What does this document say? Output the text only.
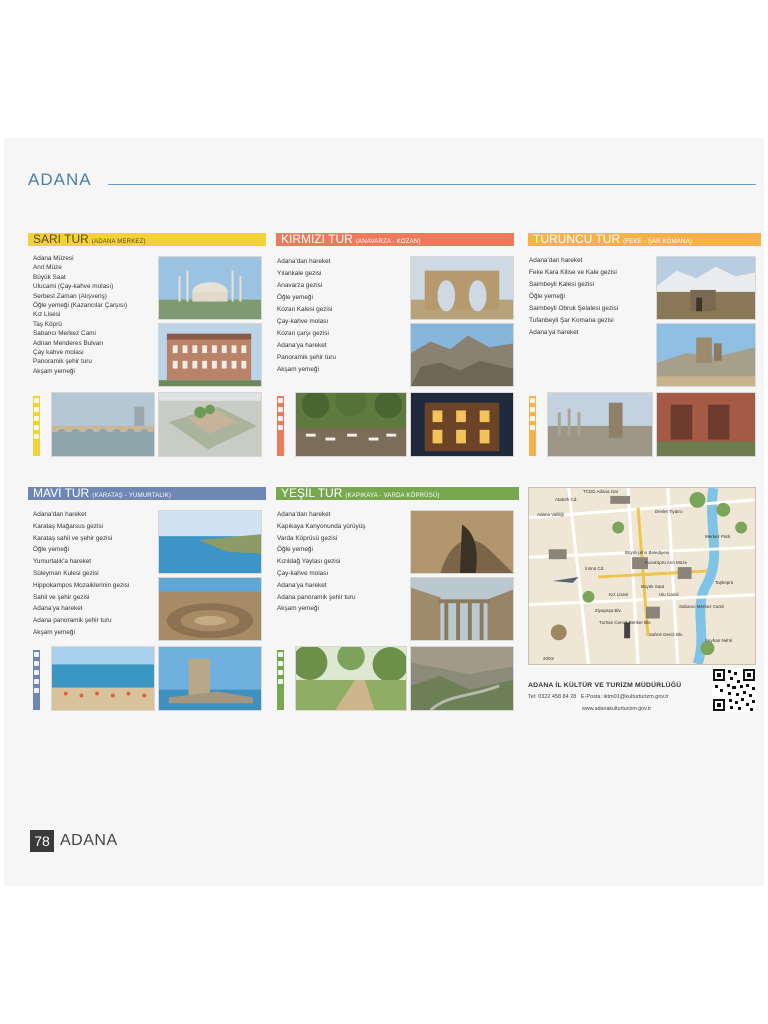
ADANA
SARI TUR (ADANA MERKEZ)
Adana Müzesi
Anıt Müze
Büyük Saat
Ulucami (Çay-kahve molası)
Serbest Zaman (Alışveriş)
Öğle yemeği (Kazancılar Çarşısı)
Kız Lisesi
Taş Köprü
Sabancı Merkez Cami
Adnan Menderes Bulvarı
Çay kahve molası
Panoramik şehir turu
Akşam yemeği
KIRMIZI TUR (ANAVARZA - KOZAN)
Adana'dan hareket
Yılankale gezisi
Anavarza gezisi
Öğle yemeği
Kozan Kalesi gezisi
Çay-kahve molası
Kozan çarşı gezisi
Adana'ya hareket
Panoramik şehir turu
Akşam yemeği
TURUNCU TUR (FEKE - ŞAR KOMANA)
Adana'dan hareket
Feke Kara Kilise ve Kale gezisi
Saimbeyli Kalesi gezisi
Öğle yemeği
Saimbeyli Obruk Şelalesi gezisi
Tufanbeyli Şar Komana gezisi
Adana'ya hareket
MAVİ TUR (KARATAŞ - YUMURTALIK)
Adana'dan hareket
Karataş Mağarsus gezisi
Karataş sahil ve şehir gezisi
Öğle yemeği
Yumurtalık'a hareket
Süleyman Kulesi gezisi
Hippokampos Mozaiklerinin gezisi
Sahil ve şehir gezisi
Adana'ya hareket
Adana panoramik şehir turu
Akşam yemeği
YEŞİL TUR (KAPIKAYA - VARDA KÖPRÜSÜ)
Adana'dan hareket
Kapıkaya Kanyonunda yürüyüş
Varda Köprüsü gezisi
Öğle yemeği
Kızıldağ Yaylası gezisi
Çay-kahve molası
Adana'ya hareket
Adana panoramik şehir turu
Akşam yemeği
TCDD Adana Gar
Atatürk Cd.
Adana Valiliği
Devlet Tiyatro
Merkez Park
Büyükşehir Belediyesi
İnönü Cd.
Taşköprü
Sabancı Merkez Camii
Ulu Camii
Büyük Saat
Kız Lisesi
Ziyapaşa Blv.
Turhan Cemal Beriker Blv.
Seyhan Nehri
Kuruköprü Anıt Müze
Sahne Deniz Blv.
200m
ADANA İL KÜLTÜR VE TURİZM MÜDÜRLÜĞÜ
Tel: 0322 458 84 28 E-Posta: iktm01@kulturturizm.gov.tr
www.adanakulturturizm.gov.tr
78 ADANA
